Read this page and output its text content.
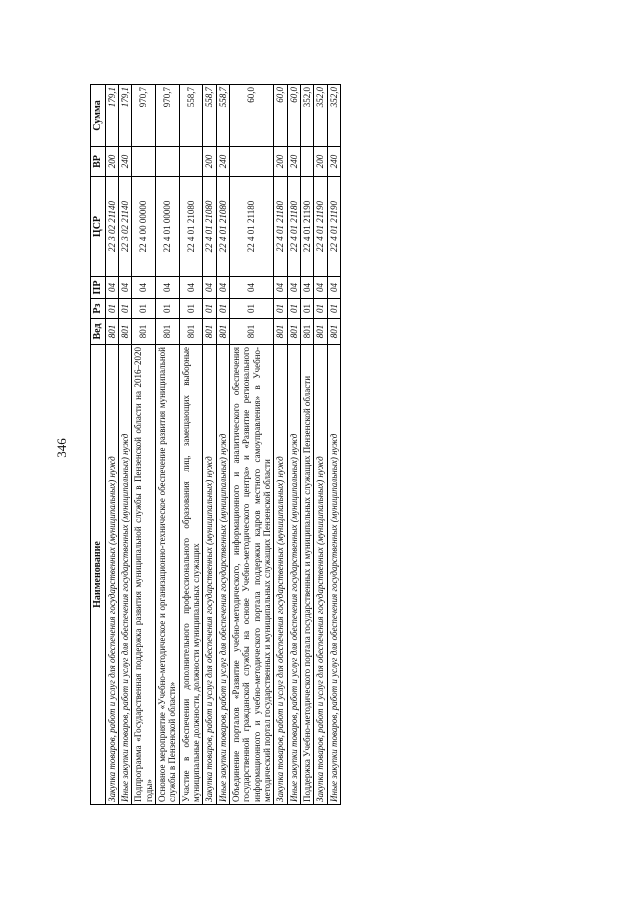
346
Наименование	Вед	Рз	ПР	ЦСР	ВР	Сумма
Закупка товаров, работ и услуг для обеспечения государственных (муниципальных) нужд	801	01	04	22 3 02 21140	200	179,1
Иные закупки товаров, работ и услуг для обеспечения государственных (муниципальных) нужд	801	01	04	22 3 02 21140	240	179,1
Подпрограмма «Государственная поддержка развития муниципальной службы в Пензенской области на 2016–2020 годы»	801	01	04	22 4 00 00000		970,7
Основное мероприятие «Учебно-методическое и организационно-техническое обеспечение развития муниципальной службы в Пензенской области»	801	01	04	22 4 01 00000		970,7
Участие в обеспечении дополнительного профессионального образования лиц, замещающих выборные муниципальные должности, должности муниципальных служащих	801	01	04	22 4 01 21080		558,7
Закупка товаров, работ и услуг для обеспечения государственных (муниципальных) нужд	801	01	04	22 4 01 21080	200	558,7
Иные закупки товаров, работ и услуг для обеспечения государственных (муниципальных) нужд	801	01	04	22 4 01 21080	240	558,7
Объединение порталов «Развитие учебно-методического, информационного и аналитического обеспечения государственной гражданской службы на основе Учебно-методического центра» и «Развитие регионального информационного и учебно-методического портала поддержки кадров местного самоуправления» в Учебно-методический портал государственных и муниципальных служащих Пензенской области	801	01	04	22 4 01 21180		60,0
Закупка товаров, работ и услуг для обеспечения государственных (муниципальных) нужд	801	01	04	22 4 01 21180	200	60,0
Иные закупки товаров, работ и услуг для обеспечения государственных (муниципальных) нужд	801	01	04	22 4 01 21180	240	60,0
Поддержка Учебно-методического портала государственных и муниципальных служащих Пензенской области	801	01	04	22 4 01 21190		352,0
Закупка товаров, работ и услуг для обеспечения государственных (муниципальных) нужд	801	01	04	22 4 01 21190	200	352,0
Иные закупки товаров, работ и услуг для обеспечения государственных (муниципальных) нужд	801	01	04	22 4 01 21190	240	352,0
